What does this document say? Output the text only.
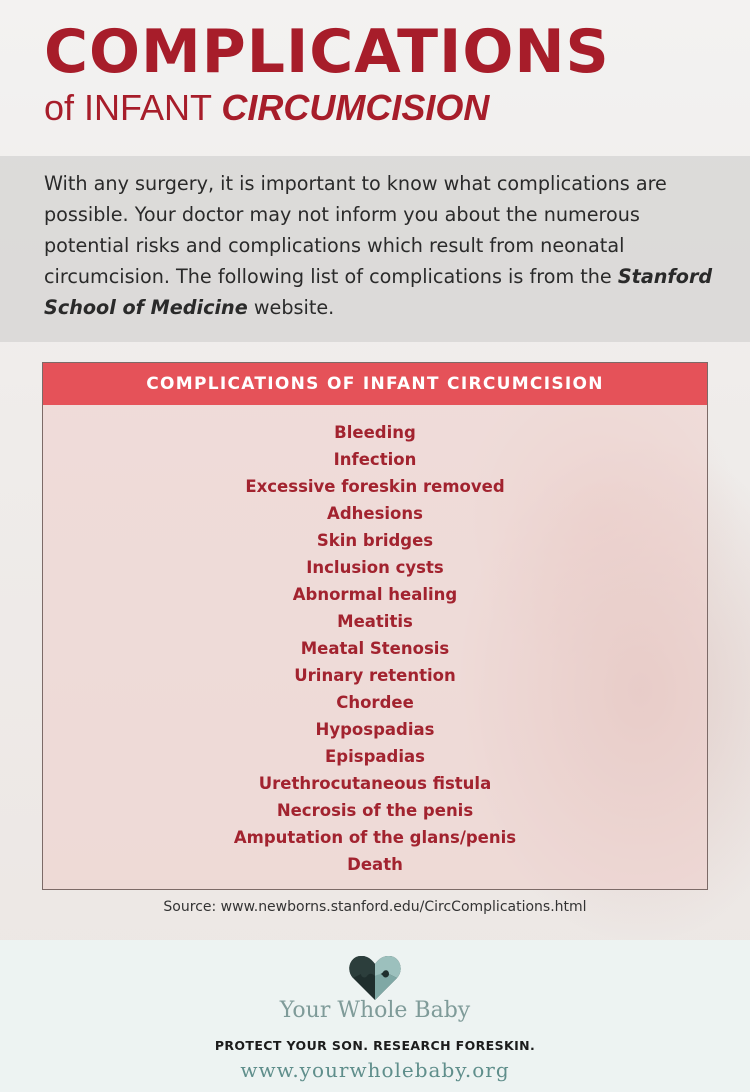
COMPLICATIONS
of INFANT CIRCUMCISION

With any surgery, it is important to know what complications are possible. Your doctor may not inform you about the numerous potential risks and complications which result from neonatal circumcision. The following list of complications is from the Stanford School of Medicine website.

COMPLICATIONS OF INFANT CIRCUMCISION
Bleeding
Infection
Excessive foreskin removed
Adhesions
Skin bridges
Inclusion cysts
Abnormal healing
Meatitis
Meatal Stenosis
Urinary retention
Chordee
Hypospadias
Epispadias
Urethrocutaneous fistula
Necrosis of the penis
Amputation of the glans/penis
Death
Source: www.newborns.stanford.edu/CircComplications.html
Your Whole Baby
PROTECT YOUR SON. RESEARCH FORESKIN.
www.yourwholebaby.org
